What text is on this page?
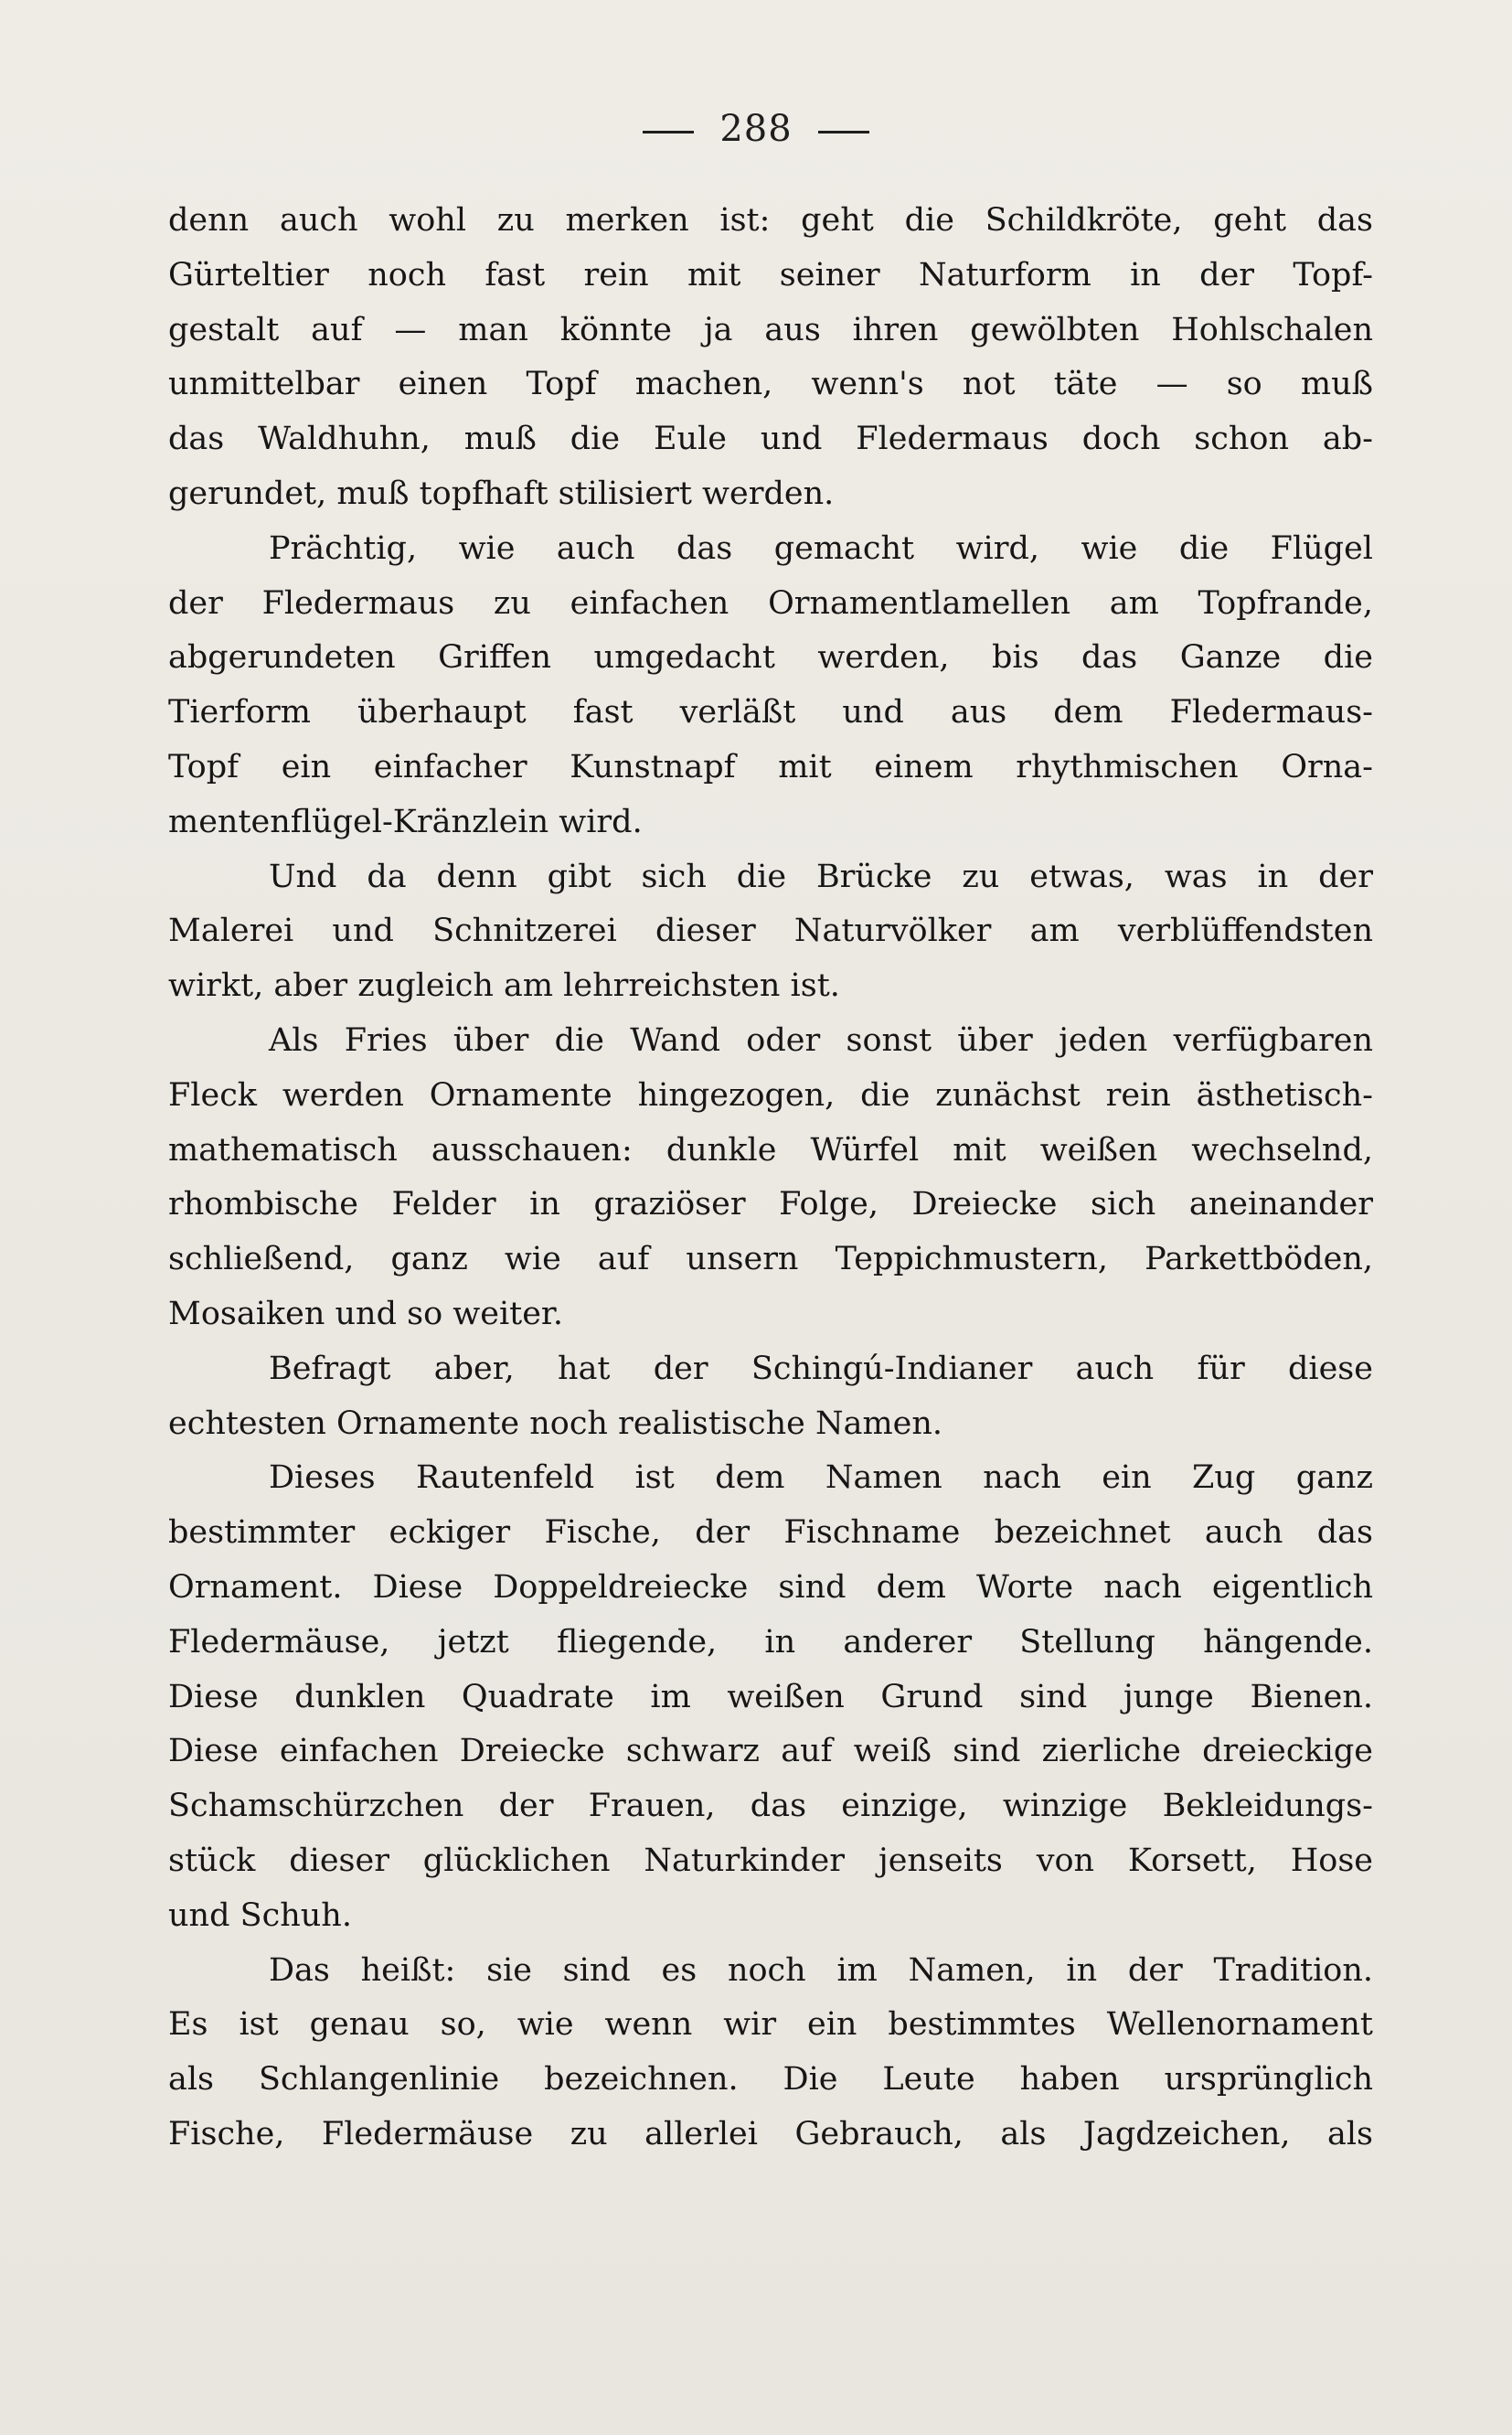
288
denn auch wohl zu merken ist: geht die Schildkröte, geht das
Gürteltier noch fast rein mit seiner Naturform in der Topf-
gestalt auf — man könnte ja aus ihren gewölbten Hohlschalen
unmittelbar einen Topf machen, wenn's not täte — so muß
das Waldhuhn, muß die Eule und Fledermaus doch schon ab-
gerundet, muß topfhaft stilisiert werden.
Prächtig, wie auch das gemacht wird, wie die Flügel
der Fledermaus zu einfachen Ornamentlamellen am Topfrande,
abgerundeten Griffen umgedacht werden, bis das Ganze die
Tierform überhaupt fast verläßt und aus dem Fledermaus-
Topf ein einfacher Kunstnapf mit einem rhythmischen Orna-
mentenflügel-Kränzlein wird.
Und da denn gibt sich die Brücke zu etwas, was in der
Malerei und Schnitzerei dieser Naturvölker am verblüffendsten
wirkt, aber zugleich am lehrreichsten ist.
Als Fries über die Wand oder sonst über jeden verfügbaren
Fleck werden Ornamente hingezogen, die zunächst rein ästhetisch-
mathematisch ausschauen: dunkle Würfel mit weißen wechselnd,
rhombische Felder in graziöser Folge, Dreiecke sich aneinander
schließend, ganz wie auf unsern Teppichmustern, Parkettböden,
Mosaiken und so weiter.
Befragt aber, hat der Schingú-Indianer auch für diese
echtesten Ornamente noch realistische Namen.
Dieses Rautenfeld ist dem Namen nach ein Zug ganz
bestimmter eckiger Fische, der Fischname bezeichnet auch das
Ornament. Diese Doppeldreiecke sind dem Worte nach eigentlich
Fledermäuse, jetzt fliegende, in anderer Stellung hängende.
Diese dunklen Quadrate im weißen Grund sind junge Bienen.
Diese einfachen Dreiecke schwarz auf weiß sind zierliche dreieckige
Schamschürzchen der Frauen, das einzige, winzige Bekleidungs-
stück dieser glücklichen Naturkinder jenseits von Korsett, Hose
und Schuh.
Das heißt: sie sind es noch im Namen, in der Tradition.
Es ist genau so, wie wenn wir ein bestimmtes Wellenornament
als Schlangenlinie bezeichnen. Die Leute haben ursprünglich
Fische, Fledermäuse zu allerlei Gebrauch, als Jagdzeichen, als
